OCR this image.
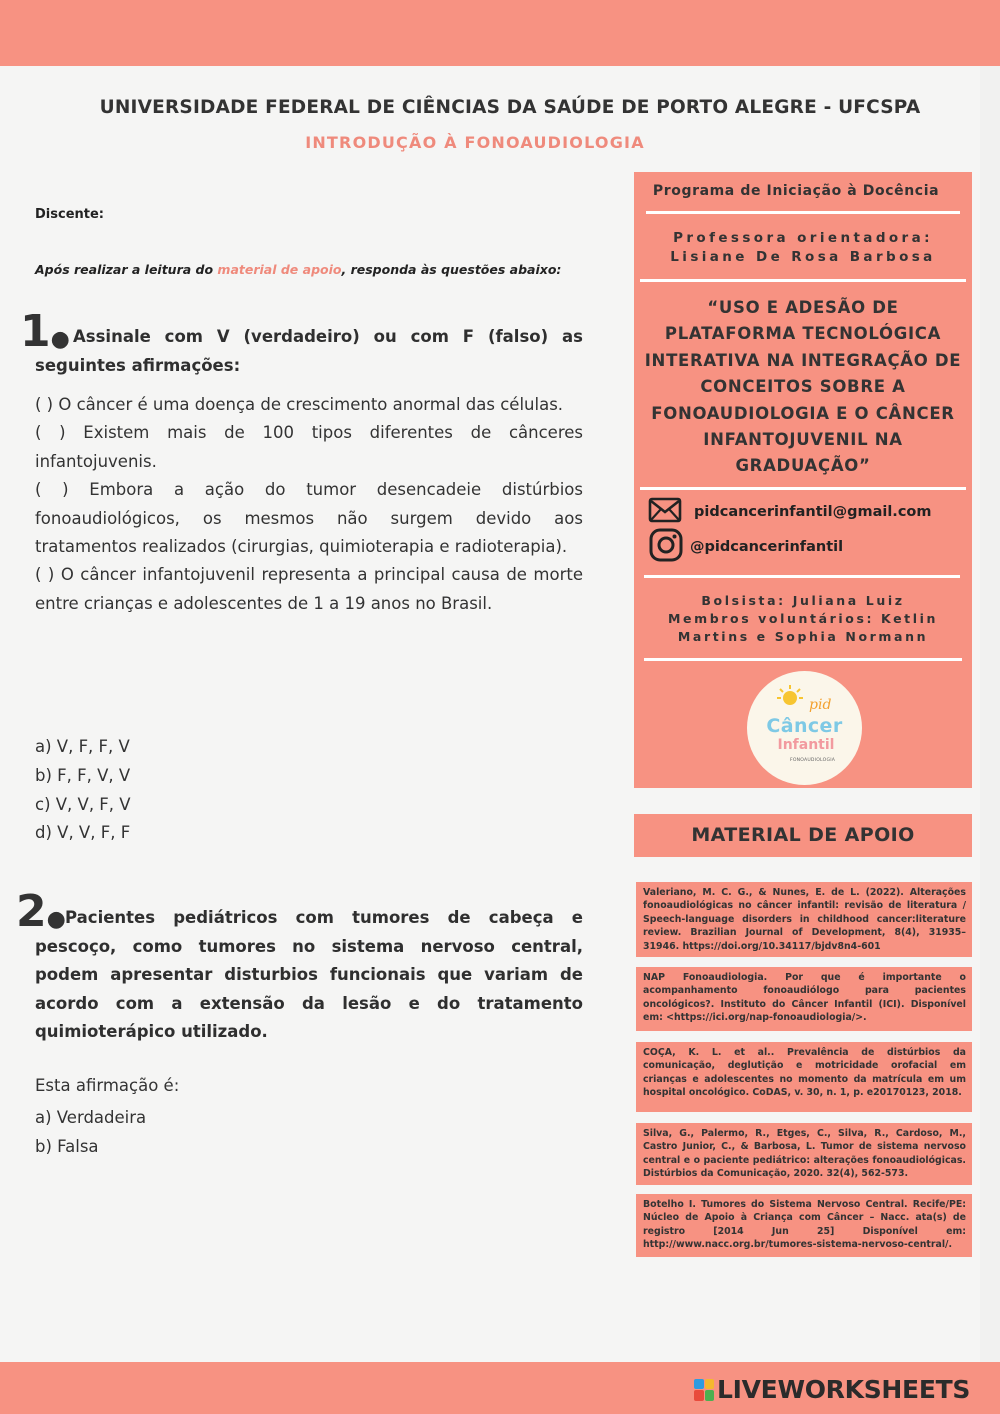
UNIVERSIDADE FEDERAL DE CIÊNCIAS DA SAÚDE DE PORTO ALEGRE - UFCSPA
INTRODUÇÃO À FONOAUDIOLOGIA
Discente:
Após realizar a leitura do material de apoio, responda às questões abaixo:
1● Assinale com V (verdadeiro) ou com F (falso) as seguintes afirmações:
( ) O câncer é uma doença de crescimento anormal das células.
( ) Existem mais de 100 tipos diferentes de cânceres infantojuvenis.
( ) Embora a ação do tumor desencadeie distúrbios fonoaudiológicos, os mesmos não surgem devido aos tratamentos realizados (cirurgias, quimioterapia e radioterapia).
( ) O câncer infantojuvenil representa a principal causa de morte entre crianças e adolescentes de 1 a 19 anos no Brasil.
a) V, F, F, V
b) F, F, V, V
c) V, V, F, V
d) V, V, F, F
2● Pacientes pediátricos com tumores de cabeça e pescoço, como tumores no sistema nervoso central, podem apresentar disturbios funcionais que variam de acordo com a extensão da lesão e do tratamento quimioterápico utilizado.
Esta afirmação é:
a) Verdadeira
b) Falsa
Programa de Iniciação à Docência
Professora orientadora:
Lisiane De Rosa Barbosa
“USO E ADESÃO DE PLATAFORMA TECNOLÓGICA INTERATIVA NA INTEGRAÇÃO DE CONCEITOS SOBRE A FONOAUDIOLOGIA E O CÂNCER INFANTOJUVENIL NA GRADUAÇÃO”
pidcancerinfantil@gmail.com
@pidcancerinfantil
Bolsista: Juliana Luiz
Membros voluntários: Ketlin Martins e Sophia Normann
pid
Câncer
Infantil
FONOAUDIOLOGIA
MATERIAL DE APOIO
Valeriano, M. C. G., & Nunes, E. de L. (2022). Alterações fonoaudiológicas no câncer infantil: revisão de literatura / Speech-language disorders in childhood cancer:literature review. Brazilian Journal of Development, 8(4), 31935–31946. https://doi.org/10.34117/bjdv8n4-601
NAP Fonoaudiologia. Por que é importante o acompanhamento fonoaudiólogo para pacientes oncológicos?. Instituto do Câncer Infantil (ICI). Disponível em: <https://ici.org/nap-fonoaudiologia/>.
COÇA, K. L. et al.. Prevalência de distúrbios da comunicação, deglutição e motricidade orofacial em crianças e adolescentes no momento da matrícula em um hospital oncológico. CoDAS, v. 30, n. 1, p. e20170123, 2018.
Silva, G., Palermo, R., Etges, C., Silva, R., Cardoso, M., Castro Junior, C., & Barbosa, L. Tumor de sistema nervoso central e o paciente pediátrico: alterações fonoaudiológicas. Distúrbios da Comunicação, 2020. 32(4), 562-573.
Botelho I. Tumores do Sistema Nervoso Central. Recife/PE: Núcleo de Apoio à Criança com Câncer – Nacc. ata(s) de registro [2014 Jun 25] Disponível em: http://www.nacc.org.br/tumores-sistema-nervoso-central/.
LIVEWORKSHEETS
